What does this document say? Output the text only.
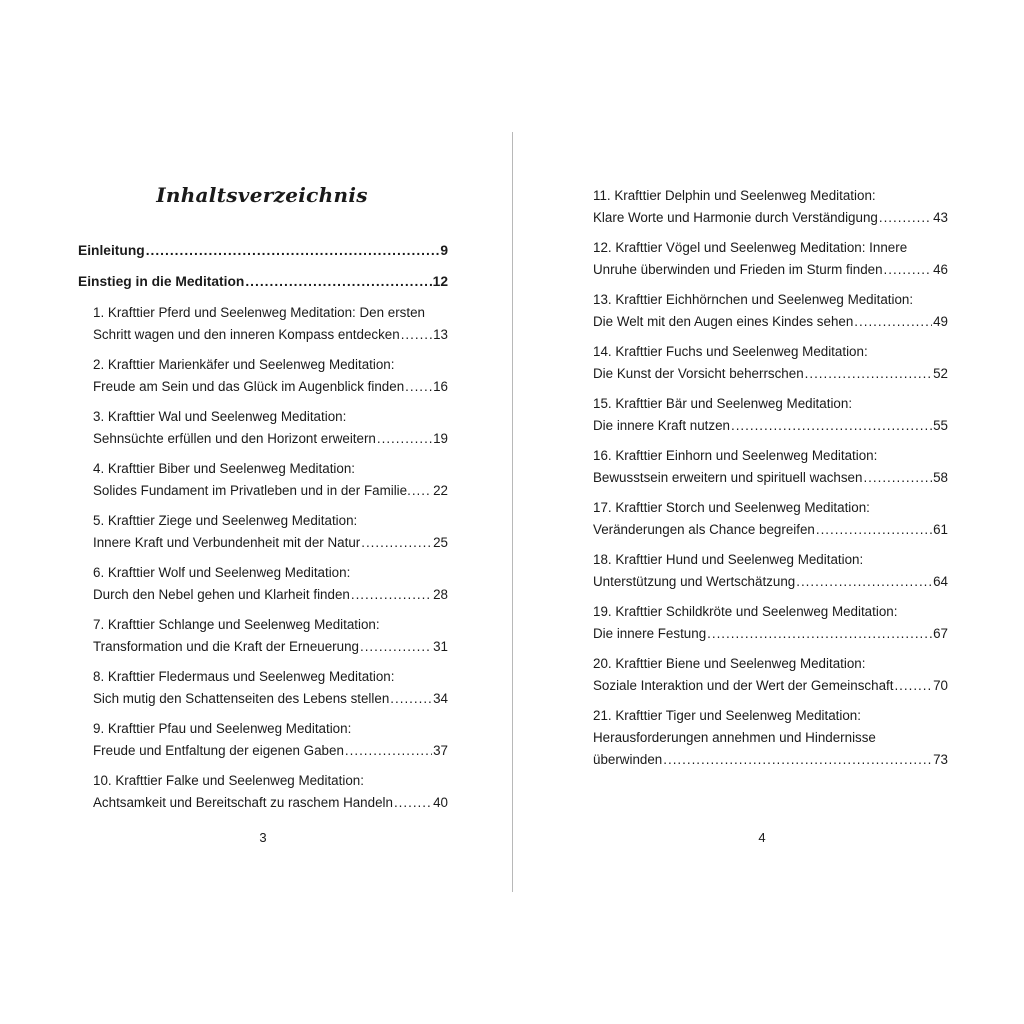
Inhaltsverzeichnis
Einleitung .....	9
Einstieg in die Meditation .....	12
1. Krafttier Pferd und Seelenweg Meditation: Den ersten
Schritt wagen und den inneren Kompass entdecken ..... 13
2. Krafttier Marienkäfer und Seelenweg Meditation:
Freude am Sein und das Glück im Augenblick finden ..... 16
3. Krafttier Wal und Seelenweg Meditation:
Sehnsüchte erfüllen und den Horizont erweitern .....	19
4. Krafttier Biber und Seelenweg Meditation:
Solides Fundament im Privatleben und in der Familie. ..... 22
5. Krafttier Ziege und Seelenweg Meditation:
Innere Kraft und Verbundenheit mit der Natur .....	25
6. Krafttier Wolf und Seelenweg Meditation:
Durch den Nebel gehen und Klarheit finden .....	28
7. Krafttier Schlange und Seelenweg Meditation:
Transformation und die Kraft der Erneuerung .....	31
8. Krafttier Fledermaus und Seelenweg Meditation:
Sich mutig den Schattenseiten des Lebens stellen .....	34
9. Krafttier Pfau und Seelenweg Meditation:
Freude und Entfaltung der eigenen Gaben .....	37
10. Krafttier Falke und Seelenweg Meditation:
Achtsamkeit und Bereitschaft zu raschem Handeln .....	40
3
11. Krafttier Delphin und Seelenweg Meditation:
Klare Worte und Harmonie durch Verständigung .....	43
12. Krafttier Vögel und Seelenweg Meditation: Innere
Unruhe überwinden und Frieden im Sturm finden .....	46
13. Krafttier Eichhörnchen und Seelenweg Meditation:
Die Welt mit den Augen eines Kindes sehen .....	49
14. Krafttier Fuchs und Seelenweg Meditation:
Die Kunst der Vorsicht beherrschen .....	52
15. Krafttier Bär und Seelenweg Meditation:
Die innere Kraft nutzen .....	55
16. Krafttier Einhorn und Seelenweg Meditation:
Bewusstsein erweitern und spirituell wachsen .....	58
17. Krafttier Storch und Seelenweg Meditation:
Veränderungen als Chance begreifen .....	61
18. Krafttier Hund und Seelenweg Meditation:
Unterstützung und Wertschätzung .....	64
19. Krafttier Schildkröte und Seelenweg Meditation:
Die innere Festung .....	67
20. Krafttier Biene und Seelenweg Meditation:
Soziale Interaktion und der Wert der Gemeinschaft .....	70
21. Krafttier Tiger und Seelenweg Meditation:
Herausforderungen annehmen und Hindernisse
überwinden .....	73
4
